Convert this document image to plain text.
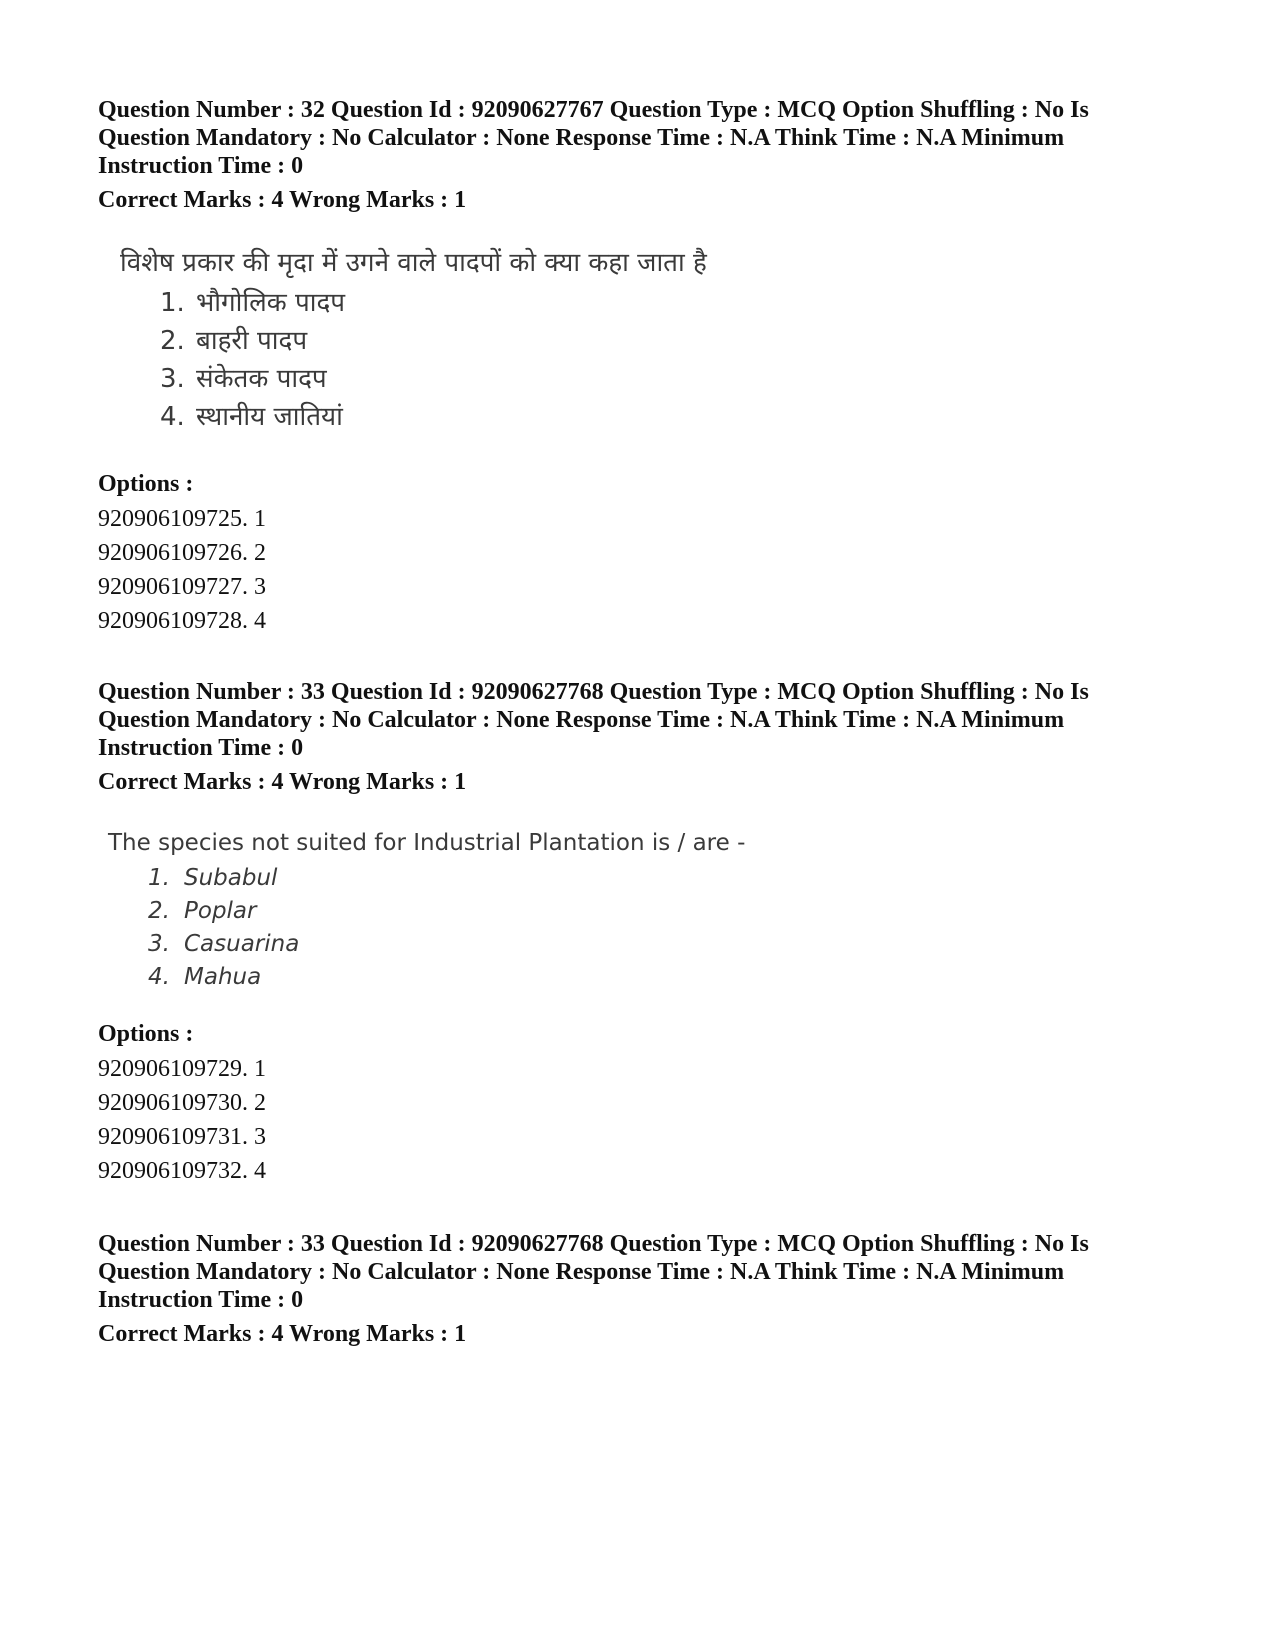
Question Number : 32 Question Id : 92090627767 Question Type : MCQ Option Shuffling : No Is

Question Mandatory : No Calculator : None Response Time : N.A Think Time : N.A Minimum

Instruction Time : 0

Correct Marks : 4 Wrong Marks : 1
विशेष प्रकार की मृदा में उगने वाले पादपों को क्या कहा जाता है
1. भौगोलिक पादप
2. बाहरी पादप
3. संकेतक पादप
4. स्थानीय जातियां
Options :
920906109725. 1
920906109726. 2
920906109727. 3
920906109728. 4

Question Number : 33 Question Id : 92090627768 Question Type : MCQ Option Shuffling : No Is

Question Mandatory : No Calculator : None Response Time : N.A Think Time : N.A Minimum

Instruction Time : 0

Correct Marks : 4 Wrong Marks : 1
The species not suited for Industrial Plantation is / are -
1. Subabul
2. Poplar
3. Casuarina
4. Mahua
Options :
920906109729. 1
920906109730. 2
920906109731. 3
920906109732. 4

Question Number : 33 Question Id : 92090627768 Question Type : MCQ Option Shuffling : No Is

Question Mandatory : No Calculator : None Response Time : N.A Think Time : N.A Minimum

Instruction Time : 0

Correct Marks : 4 Wrong Marks : 1
